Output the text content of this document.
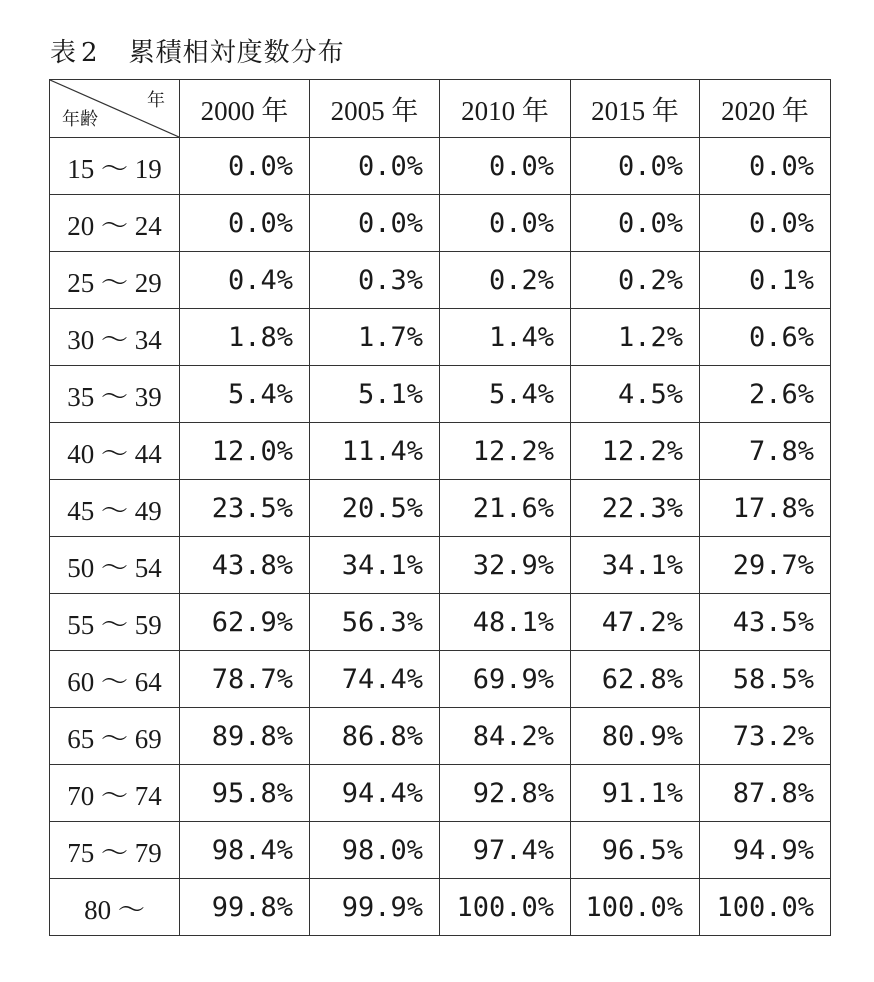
表 2 累積相対度数分布
年
年齢	2000 年	2005 年	2010 年	2015 年	2020 年
15 ～ 19	0.0%	0.0%	0.0%	0.0%	0.0%
20 ～ 24	0.0%	0.0%	0.0%	0.0%	0.0%
25 ～ 29	0.4%	0.3%	0.2%	0.2%	0.1%
30 ～ 34	1.8%	1.7%	1.4%	1.2%	0.6%
35 ～ 39	5.4%	5.1%	5.4%	4.5%	2.6%
40 ～ 44	12.0%	11.4%	12.2%	12.2%	7.8%
45 ～ 49	23.5%	20.5%	21.6%	22.3%	17.8%
50 ～ 54	43.8%	34.1%	32.9%	34.1%	29.7%
55 ～ 59	62.9%	56.3%	48.1%	47.2%	43.5%
60 ～ 64	78.7%	74.4%	69.9%	62.8%	58.5%
65 ～ 69	89.8%	86.8%	84.2%	80.9%	73.2%
70 ～ 74	95.8%	94.4%	92.8%	91.1%	87.8%
75 ～ 79	98.4%	98.0%	97.4%	96.5%	94.9%
80 ～	99.8%	99.9%	100.0%	100.0%	100.0%
